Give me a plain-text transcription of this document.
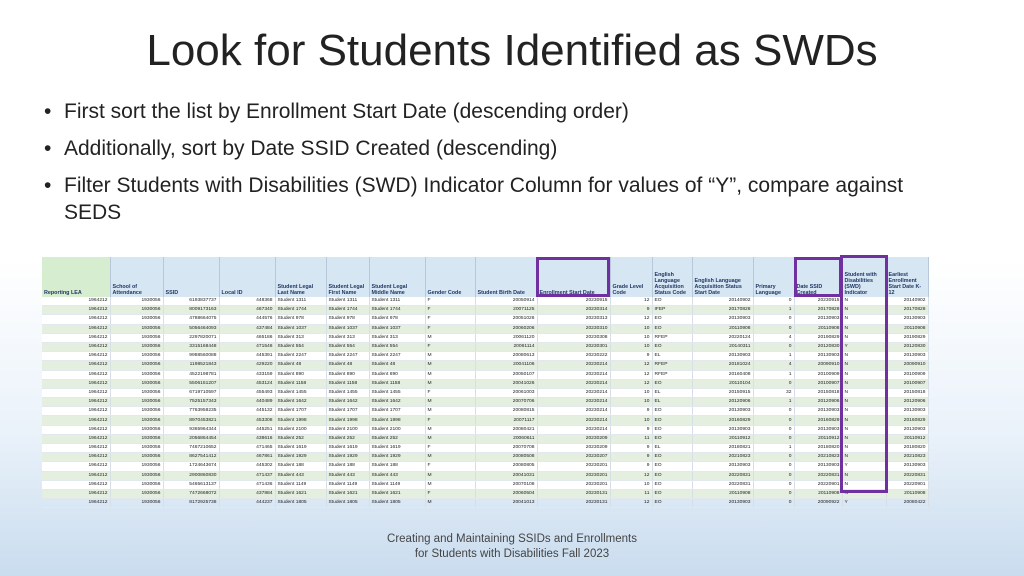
Look for Students Identified as SWDs
• First sort the list by Enrollment Start Date (descending order)
• Additionally, sort by Date SSID Created (descending)
• Filter Students with Disabilities (SWD) Indicator Column for values of “Y”, compare against SEDS
Reporting LEA	School of Attendance	SSID	Local ID	Student Legal Last Name	Student Legal First Name	Student Legal Middle Name	Gender Code	Student Birth Date	Enrollment Start Date	Grade Level Code	English Language Acquisition Status Code	English Language Acquisition Status Start Date	Primary Language	Date SSID Created	Student with Disabilities (SWD) Indicator	Earliest Enrollment Start Date K-12
1964212	1930056	6193837737	448368	Student 1311	Student 1311	Student 1311	F	20050914	20230915	12	EO	20140902	0	20230915	N	20140902
1964212	1930056	8009173163	467340	Student 1744	Student 1744	Student 1744	F	20071125	20230314	9	IFEP	20170828	1	20170828	N	20170828
1964212	1930056	4788664075	444576	Student 978	Student 978	Student 978	F	20051026	20230313	12	EO	20130903	0	20130903	N	20130903
1964212	1930056	5056464093	437484	Student 1037	Student 1037	Student 1037	F	20060206	20230310	10	EO	20110908	0	20110908	N	20110908
1964212	1930056	2297820071	465186	Student 313	Student 313	Student 313	M	20061120	20230308	10	RFEP	20220124	4	20190829	N	20190829
1964212	1930056	3315168448	471546	Student 554	Student 554	Student 554	F	20061114	20230301	10	EO	20140311	0	20120830	Y	20120830
1964212	1930056	9988560088	445391	Student 2247	Student 2247	Student 2247	M	20080613	20230222	9	EL	20130903	1	20130903	N	20130903
1964212	1930056	1198521843	429220	Student 48	Student 48	Student 48	M	20041106	20230214	12	RFEP	20181024	4	20090910	N	20090910
1964212	1930056	4522198781	433159	Student 890	Student 890	Student 890	M	20050107	20230214	12	RFEP	20160408	1	20100909	N	20100909
1964212	1930056	5506151207	453124	Student 1158	Student 1158	Student 1158	M	20041026	20230214	12	EO	20110104	0	20100907	N	20100907
1964212	1930056	6719710597	455493	Student 1455	Student 1455	Student 1455	F	20061003	20230214	10	EL	20150915	32	20150818	N	20150818
1964212	1930056	7525157343	440489	Student 1642	Student 1642	Student 1642	M	20070706	20230214	10	EL	20120906	1	20120906	N	20120906
1964212	1930056	7763958235	445132	Student 1707	Student 1707	Student 1707	M	20080815	20230214	9	EO	20130903	0	20130903	N	20130903
1964212	1930056	8970453821	453308	Student 1998	Student 1998	Student 1998	F	20071117	20230214	10	EO	20160829	0	20160829	N	20160829
1964212	1930056	9365964344	445251	Student 2100	Student 2100	Student 2100	M	20080421	20230214	9	EO	20130903	0	20130903	N	20130903
1964212	1930056	2056864454	438616	Student 252	Student 252	Student 252	M	20060611	20230209	11	EO	20110912	0	20110912	N	20110912
1964212	1930056	7467210652	471465	Student 1619	Student 1619	Student 1619	F	20070708	20230209	9	EL	20180821	1	20180820	N	20180820
1964212	1930056	8627541412	467861	Student 1929	Student 1929	Student 1929	M	20080508	20230207	9	EO	20210823	0	20210823	N	20210823
1964212	1930056	1724643674	445302	Student 188	Student 188	Student 188	F	20080805	20230201	9	EO	20130903	0	20130903	Y	20130903
1964212	1930056	2900860830	471437	Student 443	Student 443	Student 443	M	20041031	20230201	12	EO	20220831	0	20220831	N	20220831
1964212	1930056	5465613137	471436	Student 1149	Student 1149	Student 1149	M	20070108	20230201	10	EO	20220831	0	20220901	N	20220901
1964212	1930056	7472668072	437884	Student 1621	Student 1621	Student 1621	F	20060504	20230131	11	EO	20110908	0	20110908	N	20110908
1964212	1930056	8172925738	444237	Student 1805	Student 1805	Student 1805	M	20041013	20230131	12	EO	20130903	0	20090922	Y	20080422
Creating and Maintaining SSIDs and Enrollments
for Students with Disabilities Fall 2023
